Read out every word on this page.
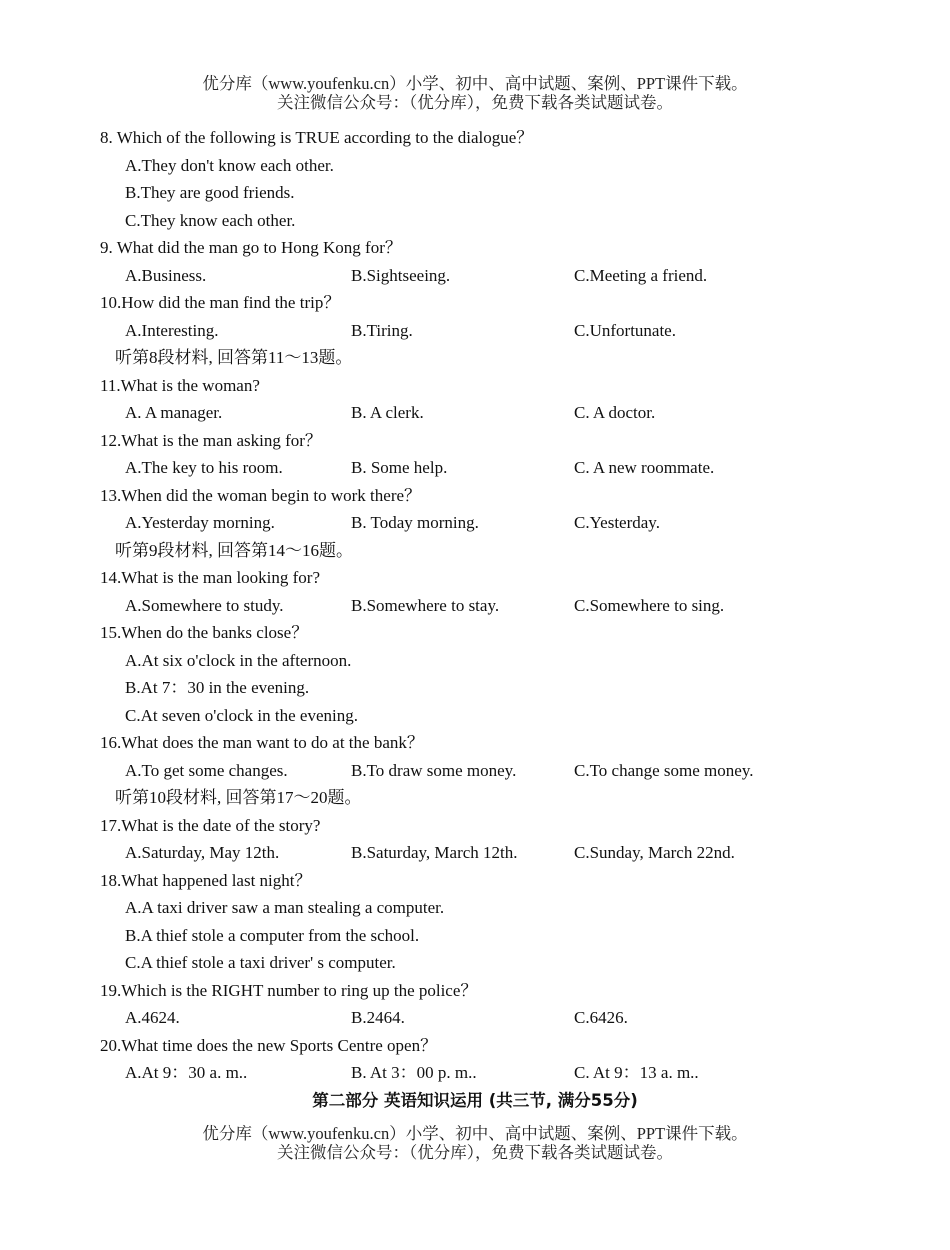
优分库（www.youfenku.cn）小学、初中、高中试题、案例、PPT课件下载。
关注微信公众号：（优分库），免费下载各类试题试卷。
8. Which of the following is TRUE according to the dialogue？
A.They don't know each other.
B.They are good friends.
C.They know each other.
9. What did the man go to Hong Kong for？
A.Business.	B.Sightseeing.	C.Meeting a friend.
10.How did the man find the trip？
A.Interesting.	B.Tiring.	C.Unfortunate.
听第8段材料, 回答第11～13题。
11.What is the woman?
A. A manager.	B. A clerk.	C. A doctor.
12.What is the man asking for？
A.The key to his room.	B. Some help.	C. A new roommate.
13.When did the woman begin to work there？
A.Yesterday morning.	B. Today morning.	C.Yesterday.
听第9段材料, 回答第14～16题。
14.What is the man looking for?
A.Somewhere to study.	B.Somewhere to stay.	C.Somewhere to sing.
15.When do the banks close？
A.At six o'clock in the afternoon.
B.At 7：30 in the evening.
C.At seven o'clock in the evening.
16.What does the man want to do at the bank？
A.To get some changes.	B.To draw some money.	C.To change some money.
听第10段材料, 回答第17～20题。
17.What is the date of the story?
A.Saturday, May 12th.	B.Saturday, March 12th.	C.Sunday, March 22nd.
18.What happened last night？
A.A taxi driver saw a man stealing a computer.
B.A thief stole a computer from the school.
C.A thief stole a taxi driver' s computer.
19.Which is the RIGHT number to ring up the police？
A.4624.	B.2464.	C.6426.
20.What time does the new Sports Centre open？
A.At 9：30 a. m..	B. At 3：00 p. m..	C. At 9：13 a. m..
第二部分 英语知识运用 (共三节, 满分55分)
优分库（www.youfenku.cn）小学、初中、高中试题、案例、PPT课件下载。
关注微信公众号：（优分库），免费下载各类试题试卷。
